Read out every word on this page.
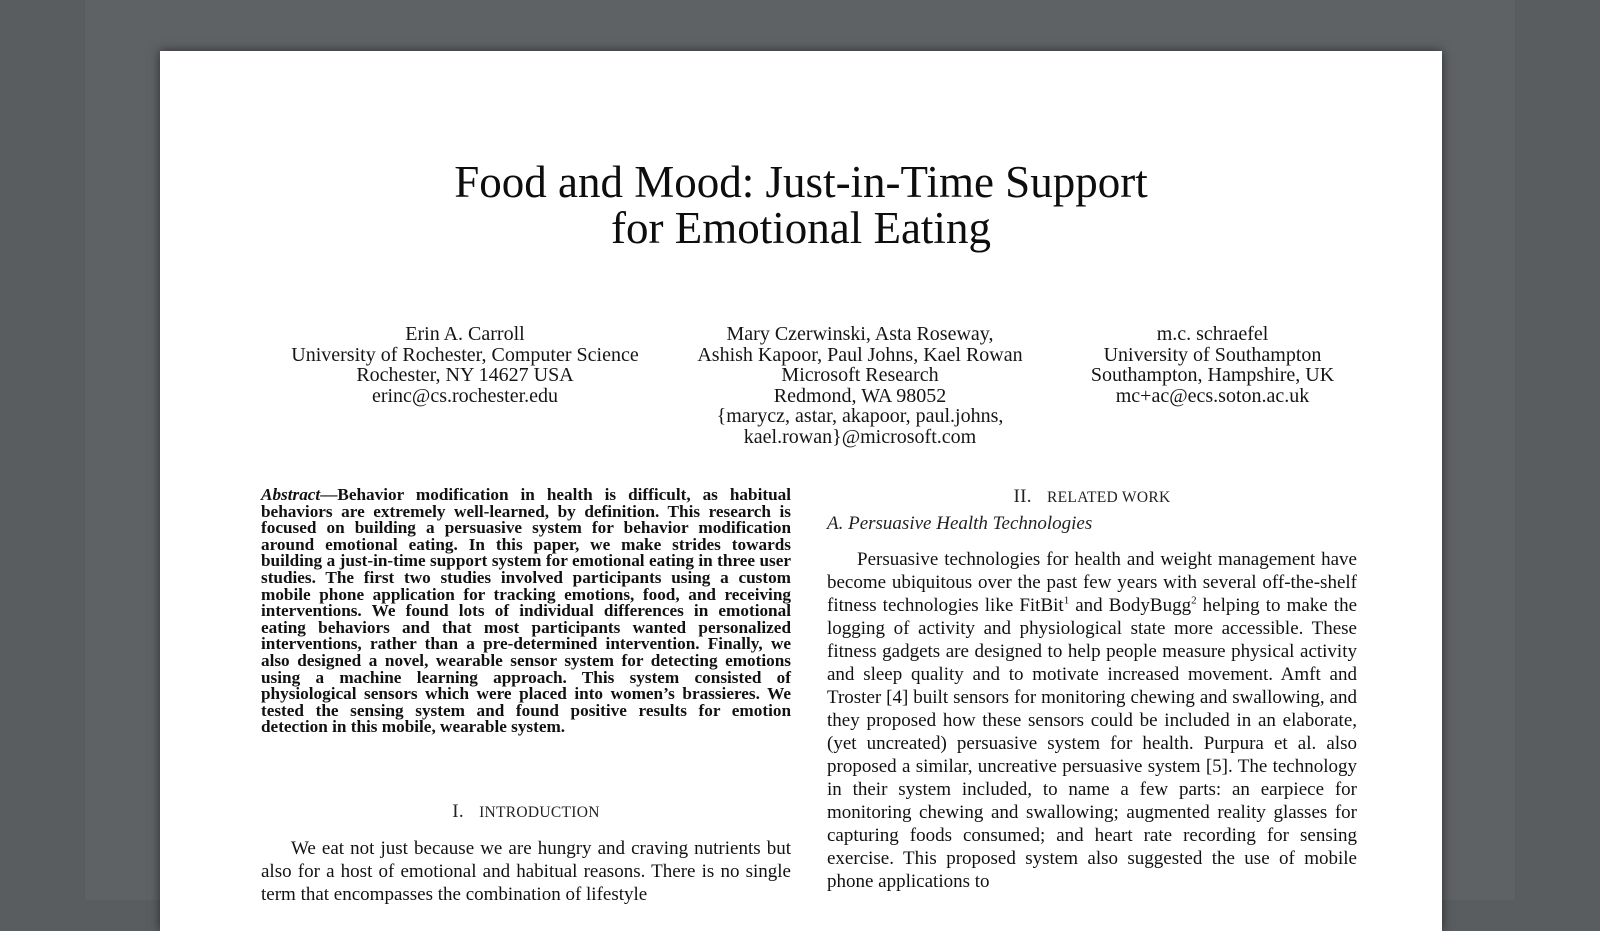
Food and Mood: Just-in-Time Support
for Emotional Eating
Erin A. Carroll
University of Rochester, Computer Science
Rochester, NY 14627 USA
erinc@cs.rochester.edu
Mary Czerwinski, Asta Roseway,
Ashish Kapoor, Paul Johns, Kael Rowan
Microsoft Research
Redmond, WA 98052
{marycz, astar, akapoor, paul.johns,
kael.rowan}@microsoft.com
m.c. schraefel
University of Southampton
Southampton, Hampshire, UK
mc+ac@ecs.soton.ac.uk
Abstract—Behavior modification in health is difficult, as habitual behaviors are extremely well-learned, by definition. This research is focused on building a persuasive system for behavior modification around emotional eating. In this paper, we make strides towards building a just-in-time support system for emotional eating in three user studies. The first two studies involved participants using a custom mobile phone application for tracking emotions, food, and receiving interventions. We found lots of individual differences in emotional eating behaviors and that most participants wanted personalized interventions, rather than a pre-determined intervention. Finally, we also designed a novel, wearable sensor system for detecting emotions using a machine learning approach. This system consisted of physiological sensors which were placed into women’s brassieres. We tested the sensing system and found positive results for emotion detection in this mobile, wearable system.
I. INTRODUCTION
We eat not just because we are hungry and craving nutrients but also for a host of emotional and habitual reasons. There is no single term that encompasses the combination of lifestyle
II. RELATED WORK
A. Persuasive Health Technologies
Persuasive technologies for health and weight management have become ubiquitous over the past few years with several off-the-shelf fitness technologies like FitBit$^1$ and BodyBugg$^2$ helping to make the logging of activity and physiological state more accessible. These fitness gadgets are designed to help people measure physical activity and sleep quality and to motivate increased movement. Amft and Troster [4] built sensors for monitoring chewing and swallowing, and they proposed how these sensors could be included in an elaborate, (yet uncreated) persuasive system for health. Purpura et al. also proposed a similar, uncreative persuasive system [5]. The technology in their system included, to name a few parts: an earpiece for monitoring chewing and swallowing; augmented reality glasses for capturing foods consumed; and heart rate recording for sensing exercise. This proposed system also suggested the use of mobile phone applications to
